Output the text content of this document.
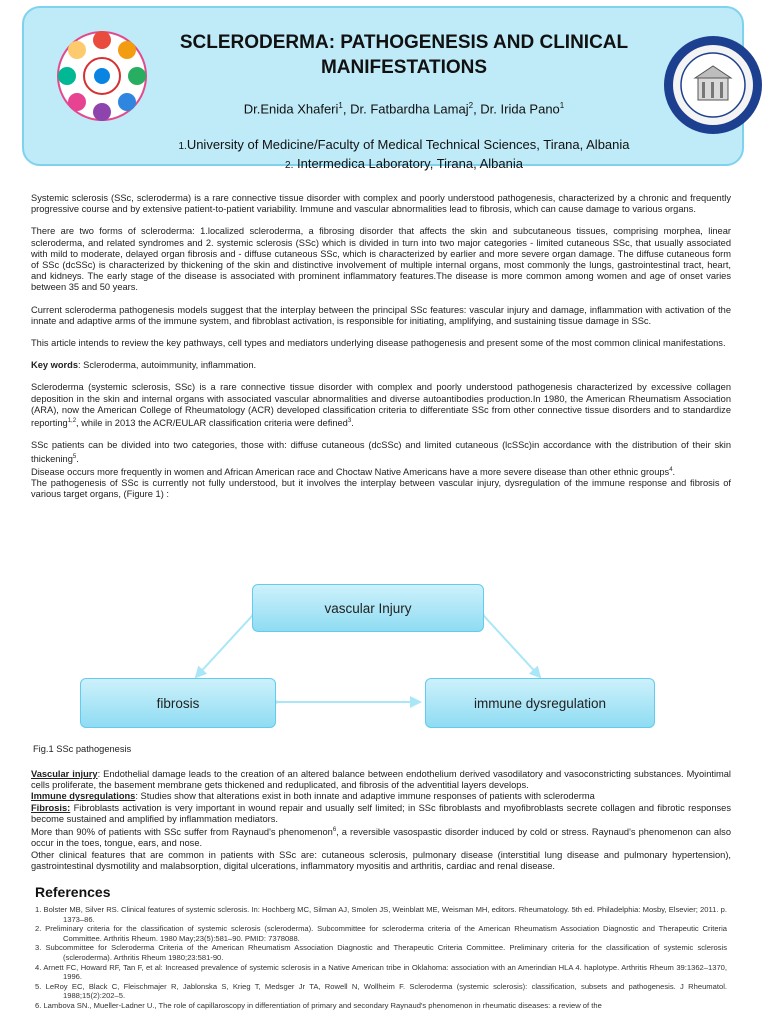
SCLERODERMA: PATHOGENESIS AND CLINICAL MANIFESTATIONS
Dr.Enida Xhaferi$^1$, Dr. Fatbardha Lamaj$^2$, Dr. Irida Pano$^1$
1.University of Medicine/Faculty of Medical Technical Sciences, Tirana, Albania
2. Intermedica Laboratory, Tirana, Albania

Systemic sclerosis (SSc, scleroderma) is a rare connective tissue disorder with complex and poorly understood pathogenesis, characterized by a chronic and frequently progressive course and by extensive patient-to-patient variability. Immune and vascular abnormalities lead to fibrosis, which can cause damage to various organs.

There are two forms of scleroderma: 1.localized scleroderma, a fibrosing disorder that affects the skin and subcutaneous tissues, comprising morphea, linear scleroderma, and related syndromes and 2. systemic sclerosis (SSc) which is divided in turn into two major categories - limited cutaneous SSc, that usually associated with mild to moderate, delayed organ fibrosis and - diffuse cutaneous SSc, which is characterized by earlier and more severe organ damage. The diffuse cutaneous form of SSc (dcSSc) is characterized by thickening of the skin and distinctive involvement of multiple internal organs, most commonly the lungs, gastrointestinal tract, heart, and kidneys. The early stage of the disease is associated with prominent inflammatory features.The disease is more common among women and age of onset varies between 35 and 50 years.

Current scleroderma pathogenesis models suggest that the interplay between the principal SSc features: vascular injury and damage, inflammation with activation of the innate and adaptive arms of the immune system, and fibroblast activation, is responsible for initiating, amplifying, and sustaining tissue damage in SSc.

This article intends to review the key pathways, cell types and mediators underlying disease pathogenesis and present some of the most common clinical manifestations.

Key words: Scleroderma, autoimmunity, inflammation.

Scleroderma (systemic sclerosis, SSc) is a rare connective tissue disorder with complex and poorly understood pathogenesis characterized by excessive collagen deposition in the skin and internal organs with associated vascular abnormalities and diverse autoantibodies production.In 1980, the American Rheumatism Association (ARA), now the American College of Rheumatology (ACR) developed classification criteria to differentiate SSc from other connective tissue disorders and to standardize reporting$^{1,2}$, while in 2013 the ACR/EULAR classification criteria were defined$^3$.

SSc patients can be divided into two categories, those with: diffuse cutaneous (dcSSc) and limited cutaneous (lcSSc)in accordance with the distribution of their skin thickening$^5$.

Disease occurs more frequently in women and African American race and Choctaw Native Americans have a more severe disease than other ethnic groups$^4$.

The pathogenesis of SSc is currently not fully understood, but it involves the interplay between vascular injury, dysregulation of the immune response and fibrosis of various target organs, (Figure 1) :

vascular Injury
fibrosis	immune dysregulation
Fig.1 SSc pathogenesis

Vascular injury: Endothelial damage leads to the creation of an altered balance between endothelium derived vasodilatory and vasoconstricting substances. Myointimal cells proliferate, the basement membrane gets thickened and reduplicated, and fibrosis of the adventitial layers develops.

Immune dysregulations: Studies show that alterations exist in both innate and adaptive immune responses of patients with scleroderma

Fibrosis: Fibroblasts activation is very important in wound repair and usually self limited; in SSc fibroblasts and myofibroblasts secrete collagen and fibrotic responses become sustained and amplified by inflammation mediators.

More than 90% of patients with SSc suffer from Raynaud's phenomenon$^6$, a reversible vasospastic disorder induced by cold or stress. Raynaud's phenomenon can also occur in the toes, tongue, ears, and nose.

Other clinical features that are common in patients with SSc are: cutaneous sclerosis, pulmonary disease (interstitial lung disease and pulmonary hypertension), gastrointestinal dysmotility and malabsorption, digital ulcerations, inflammatory myositis and arthritis, cardiac and renal disease.

References
1. Bolster MB, Silver RS. Clinical features of systemic sclerosis. In: Hochberg MC, Silman AJ, Smolen JS, Weinblatt ME, Weisman MH, editors. Rheumatology. 5th ed. Philadelphia: Mosby, Elsevier; 2011. p. 1373–86.
2. Preliminary criteria for the classification of systemic sclerosis (scleroderma). Subcommittee for scleroderma criteria of the American Rheumatism Association Diagnostic and Therapeutic Criteria Committee. Arthritis Rheum. 1980 May;23(5):581–90. PMID: 7378088.
3. Subcommittee for Scleroderma Criteria of the American Rheumatism Association Diagnostic and Therapeutic Criteria Committee. Preliminary criteria for the classification of systemic sclerosis (scleroderma). Arthritis Rheum 1980;23:581-90.
4. Arnett FC, Howard RF, Tan F, et al: Increased prevalence of systemic sclerosis in a Native American tribe in Oklahoma: association with an Amerindian HLA 4. haplotype. Arthritis Rheum 39:1362–1370, 1996.
5. LeRoy EC, Black C, Fleischmajer R, Jablonska S, Krieg T, Medsger Jr TA, Rowell N, Wollheim F. Scleroderma (systemic sclerosis): classification, subsets and pathogenesis. J Rheumatol. 1988;15(2):202–5.
6. Lambova SN., Mueller-Ladner U., The role of capillaroscopy in differentiation of primary and secondary Raynaud's phenomenon in rheumatic diseases: a review of the
